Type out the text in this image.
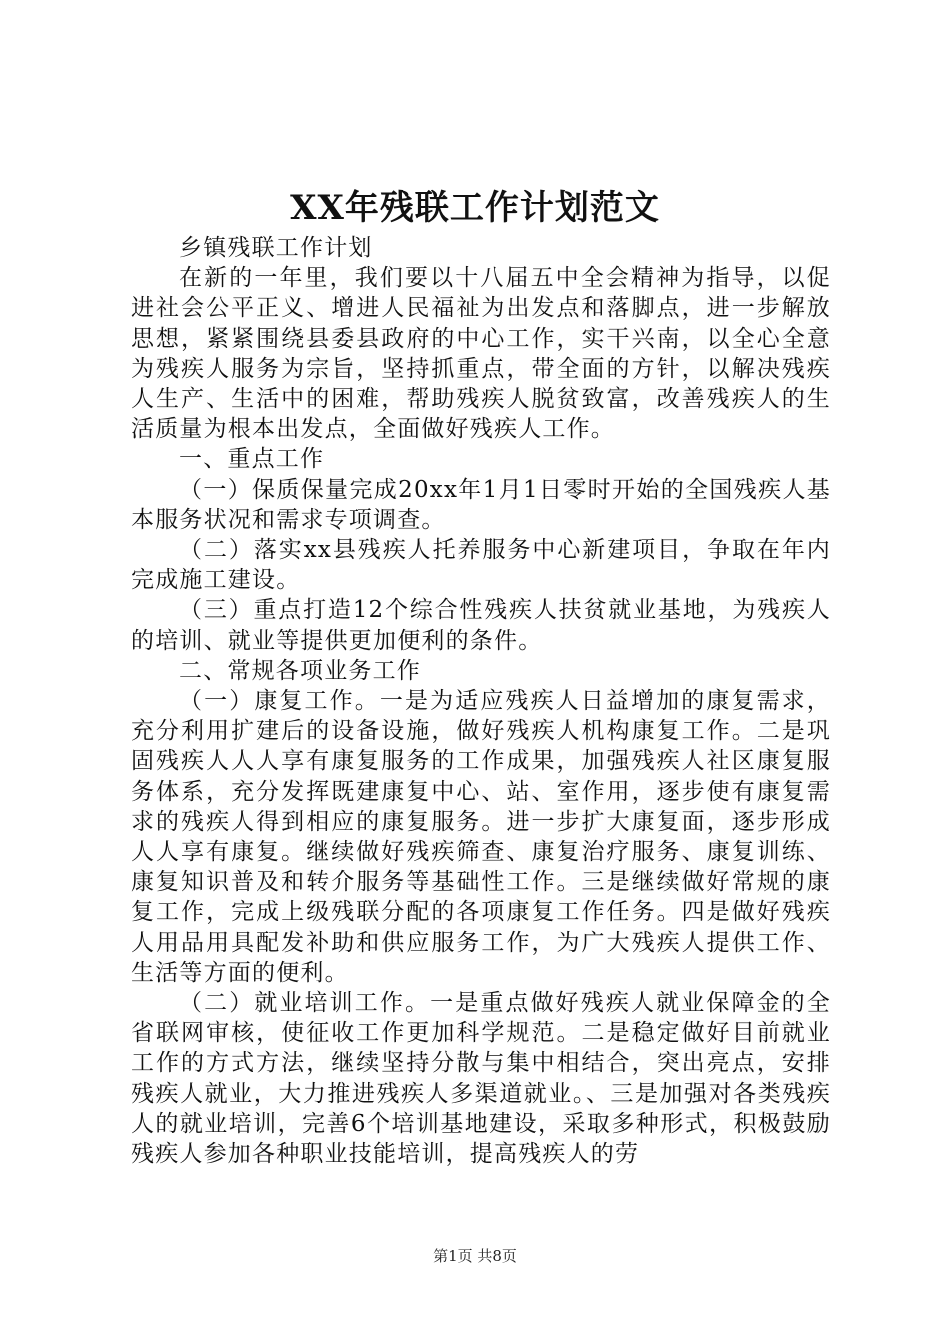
XX年残联工作计划范文

乡镇残联工作计划

在新的一年里，我们要以十八届五中全会精神为指导，以促进社会公平正义、增进人民福祉为出发点和落脚点，进一步解放思想，紧紧围绕县委县政府的中心工作，实干兴南，以全心全意为残疾人服务为宗旨，坚持抓重点，带全面的方针，以解决残疾人生产、生活中的困难，帮助残疾人脱贫致富，改善残疾人的生活质量为根本出发点，全面做好残疾人工作。

一、重点工作

（一）保质保量完成20xx年1月1日零时开始的全国残疾人基本服务状况和需求专项调查。

（二）落实xx县残疾人托养服务中心新建项目，争取在年内完成施工建设。

（三）重点打造12个综合性残疾人扶贫就业基地，为残疾人的培训、就业等提供更加便利的条件。

二、常规各项业务工作

（一）康复工作。一是为适应残疾人日益增加的康复需求，充分利用扩建后的设备设施，做好残疾人机构康复工作。二是巩固残疾人人人享有康复服务的工作成果，加强残疾人社区康复服务体系，充分发挥既建康复中心、站、室作用，逐步使有康复需求的残疾人得到相应的康复服务。进一步扩大康复面，逐步形成人人享有康复。继续做好残疾筛查、康复治疗服务、康复训练、康复知识普及和转介服务等基础性工作。三是继续做好常规的康复工作，完成上级残联分配的各项康复工作任务。四是做好残疾人用品用具配发补助和供应服务工作，为广大残疾人提供工作、生活等方面的便利。

（二）就业培训工作。一是重点做好残疾人就业保障金的全省联网审核，使征收工作更加科学规范。二是稳定做好目前就业工作的方式方法，继续坚持分散与集中相结合，突出亮点，安排残疾人就业，大力推进残疾人多渠道就业。、三是加强对各类残疾人的就业培训，完善6个培训基地建设，采取多种形式，积极鼓励残疾人参加各种职业技能培训，提高残疾人的劳

第1页 共8页
